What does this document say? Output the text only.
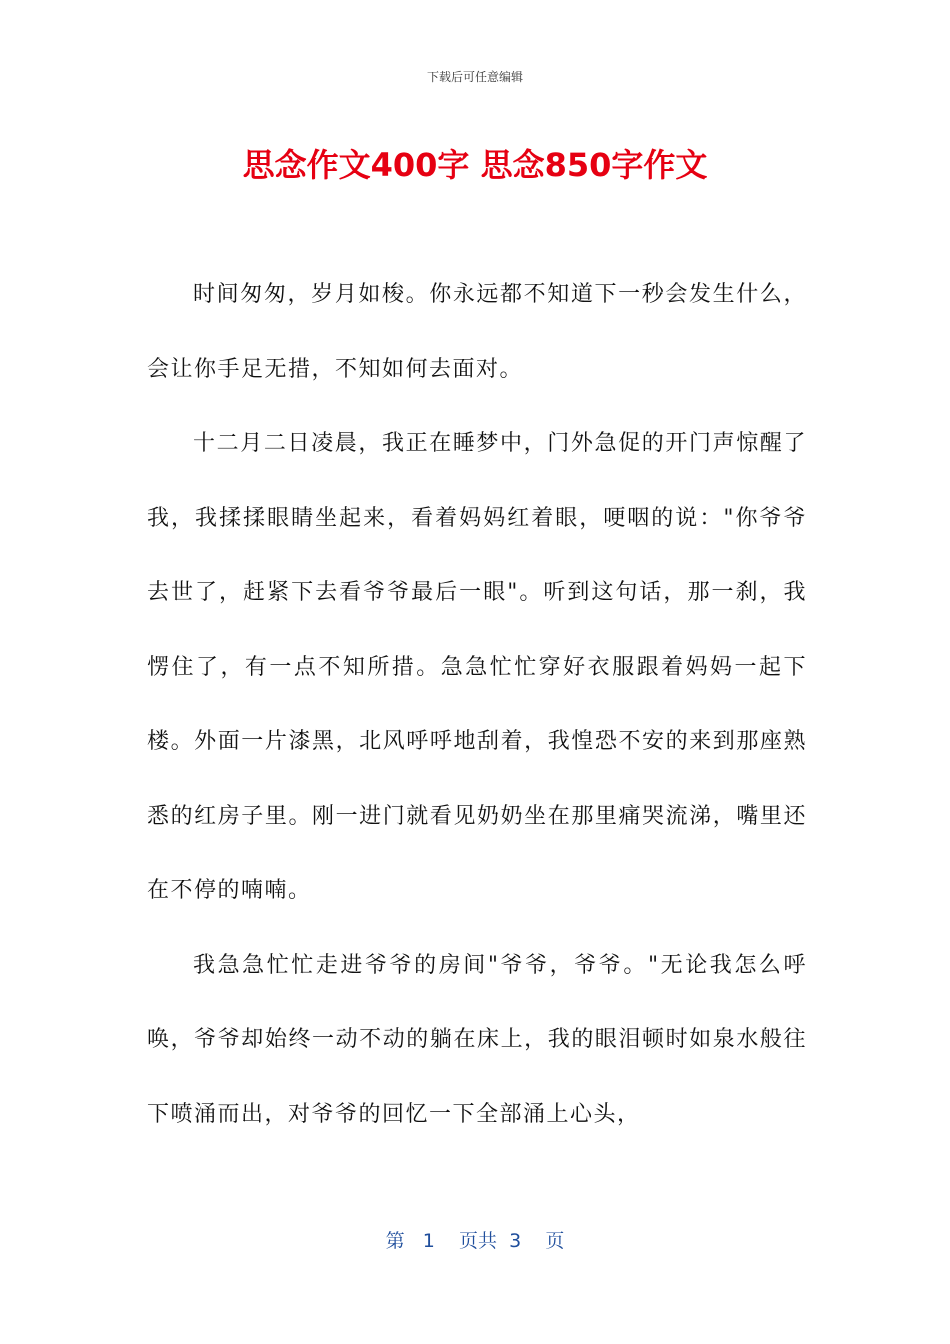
下载后可任意编辑
思念作文400字 思念850字作文

时间匆匆，岁月如梭。你永远都不知道下一秒会发生什么，会让你手足无措，不知如何去面对。

十二月二日凌晨，我正在睡梦中，门外急促的开门声惊醒了我，我揉揉眼睛坐起来，看着妈妈红着眼，哽咽的说："你爷爷去世了，赶紧下去看爷爷最后一眼"。听到这句话，那一刹，我愣住了，有一点不知所措。急急忙忙穿好衣服跟着妈妈一起下楼。外面一片漆黑，北风呼呼地刮着，我惶恐不安的来到那座熟悉的红房子里。刚一进门就看见奶奶坐在那里痛哭流涕，嘴里还在不停的喃喃。

我急急忙忙走进爷爷的房间"爷爷，爷爷。"无论我怎么呼唤，爷爷却始终一动不动的躺在床上，我的眼泪顿时如泉水般往下喷涌而出，对爷爷的回忆一下全部涌上心头，

第 1 页共 3 页
